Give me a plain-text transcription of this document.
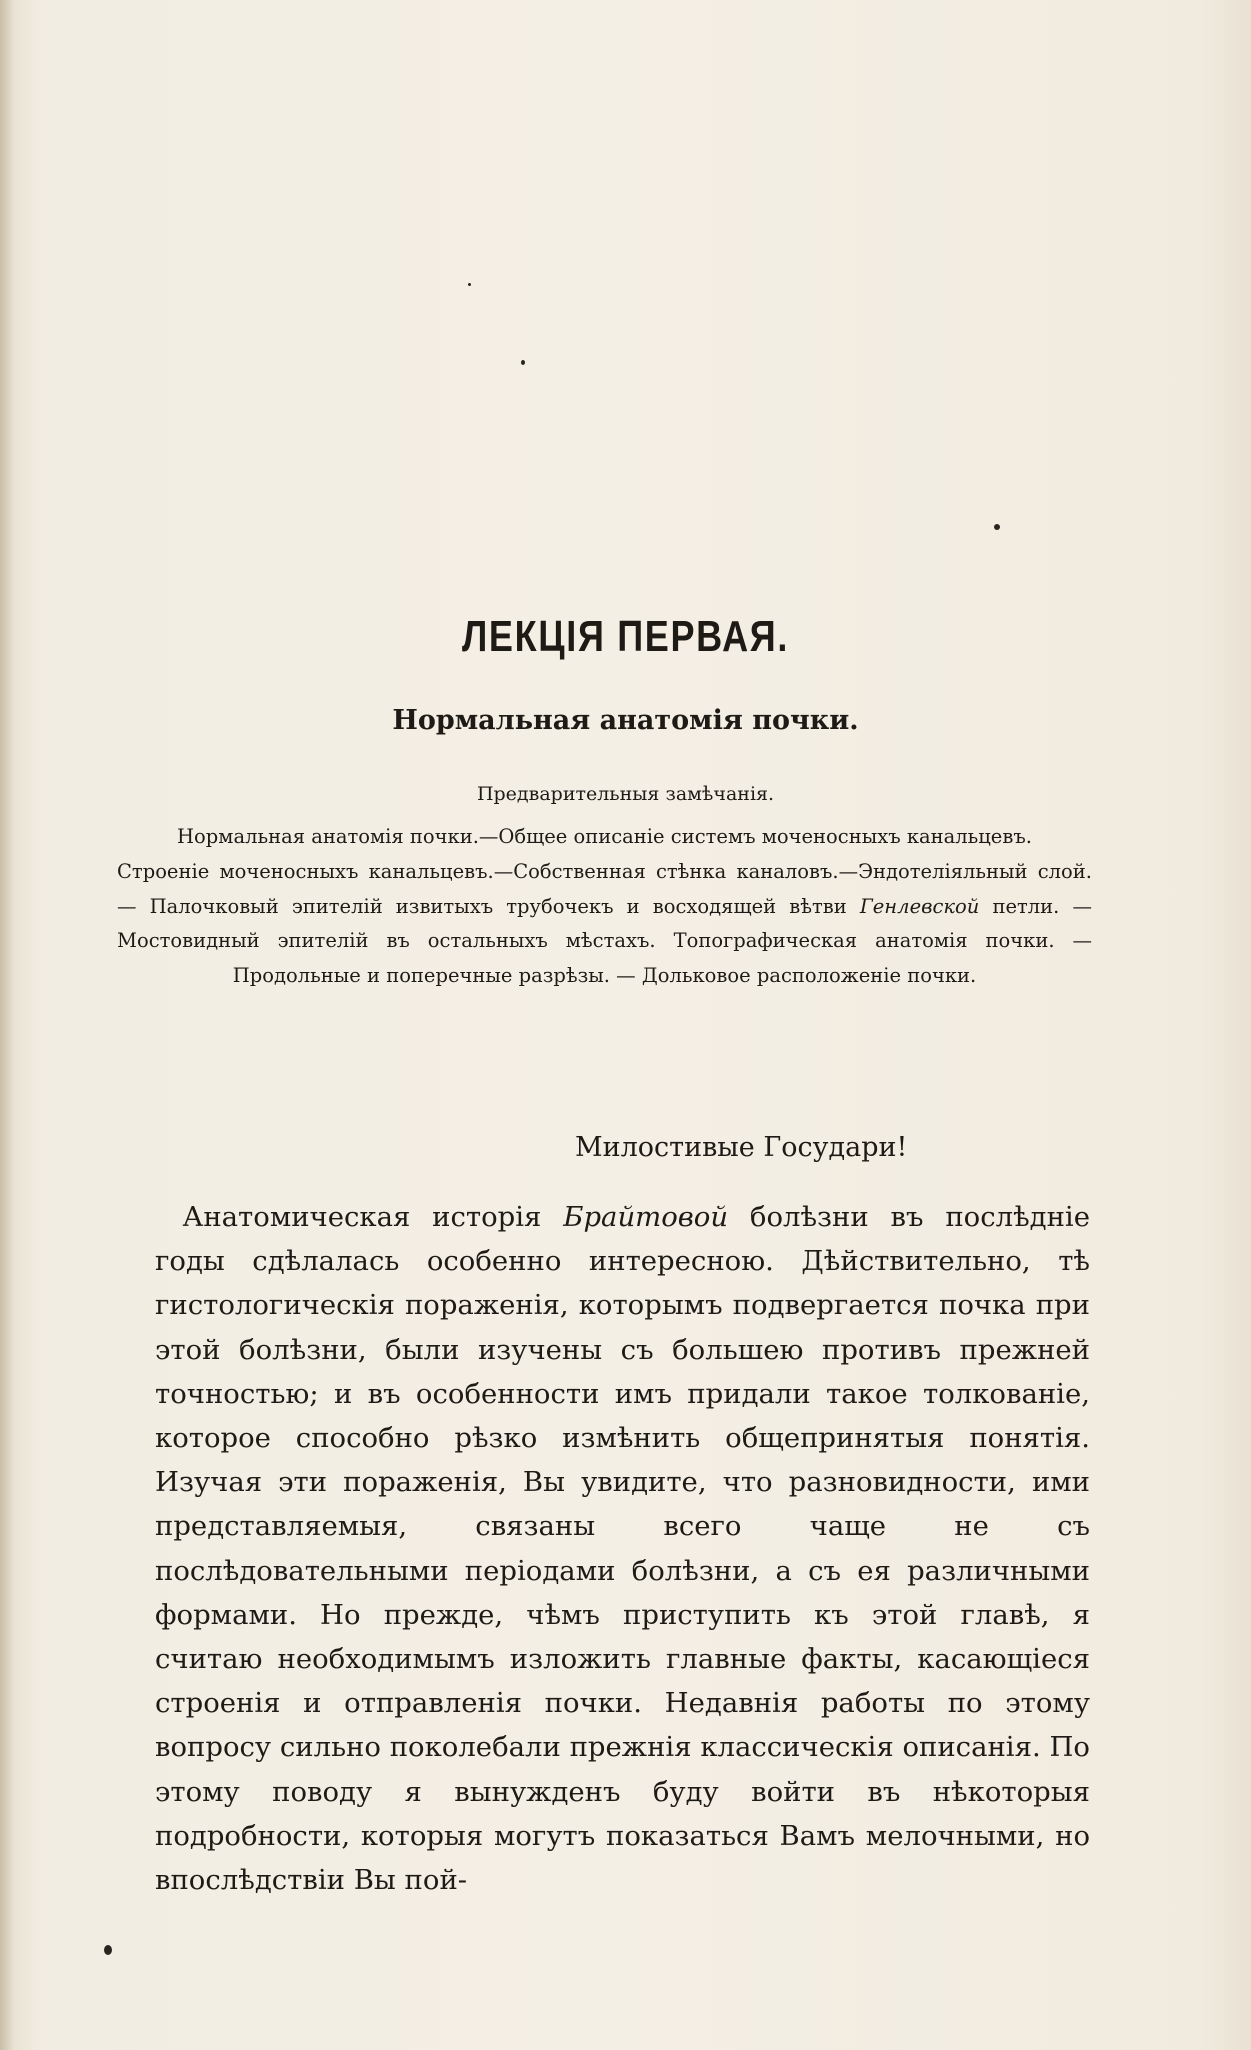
ЛЕКЦІЯ ПЕРВАЯ.
Нормальная анатомія почки.
Предварительныя замѣчанія.
Нормальная анатомія почки.—Общее описаніе системъ моченосныхъ канальцевъ.
Строеніе моченосныхъ канальцевъ.—Собственная стѣнка каналовъ.—Эндотеліяльный слой. — Палочковый эпителій извитыхъ трубочекъ и восходящей вѣтви Генлевской петли. — Мостовидный эпителій въ остальныхъ мѣстахъ. Топографическая анатомія почки. — Продольные и поперечные разрѣзы. — Дольковое расположеніе почки.
Милостивые Государи!

 Анатомическая исторія Брайтовой болѣзни въ послѣдніе годы сдѣлалась особенно интересною. Дѣйствительно, тѣ гистологическія пораженія, которымъ подвергается почка при этой болѣзни, были изучены съ большею противъ прежней точностью; и въ особенности имъ придали такое толкованіе, которое способно рѣзко измѣнить общепринятыя понятія. Изучая эти пораженія, Вы увидите, что разновидности, ими представляемыя, связаны всего чаще не съ послѣдовательными періодами болѣзни, а съ ея различными формами. Но прежде, чѣмъ приступить къ этой главѣ, я считаю необходимымъ изложить главные факты, касающіеся строенія и отправленія почки. Недавнія работы по этому вопросу сильно поколебали прежнія классическія описанія. По этому поводу я вынужденъ буду войти въ нѣкоторыя подробности, которыя могутъ показаться Вамъ мелочными, но впослѣдствіи Вы пой-
